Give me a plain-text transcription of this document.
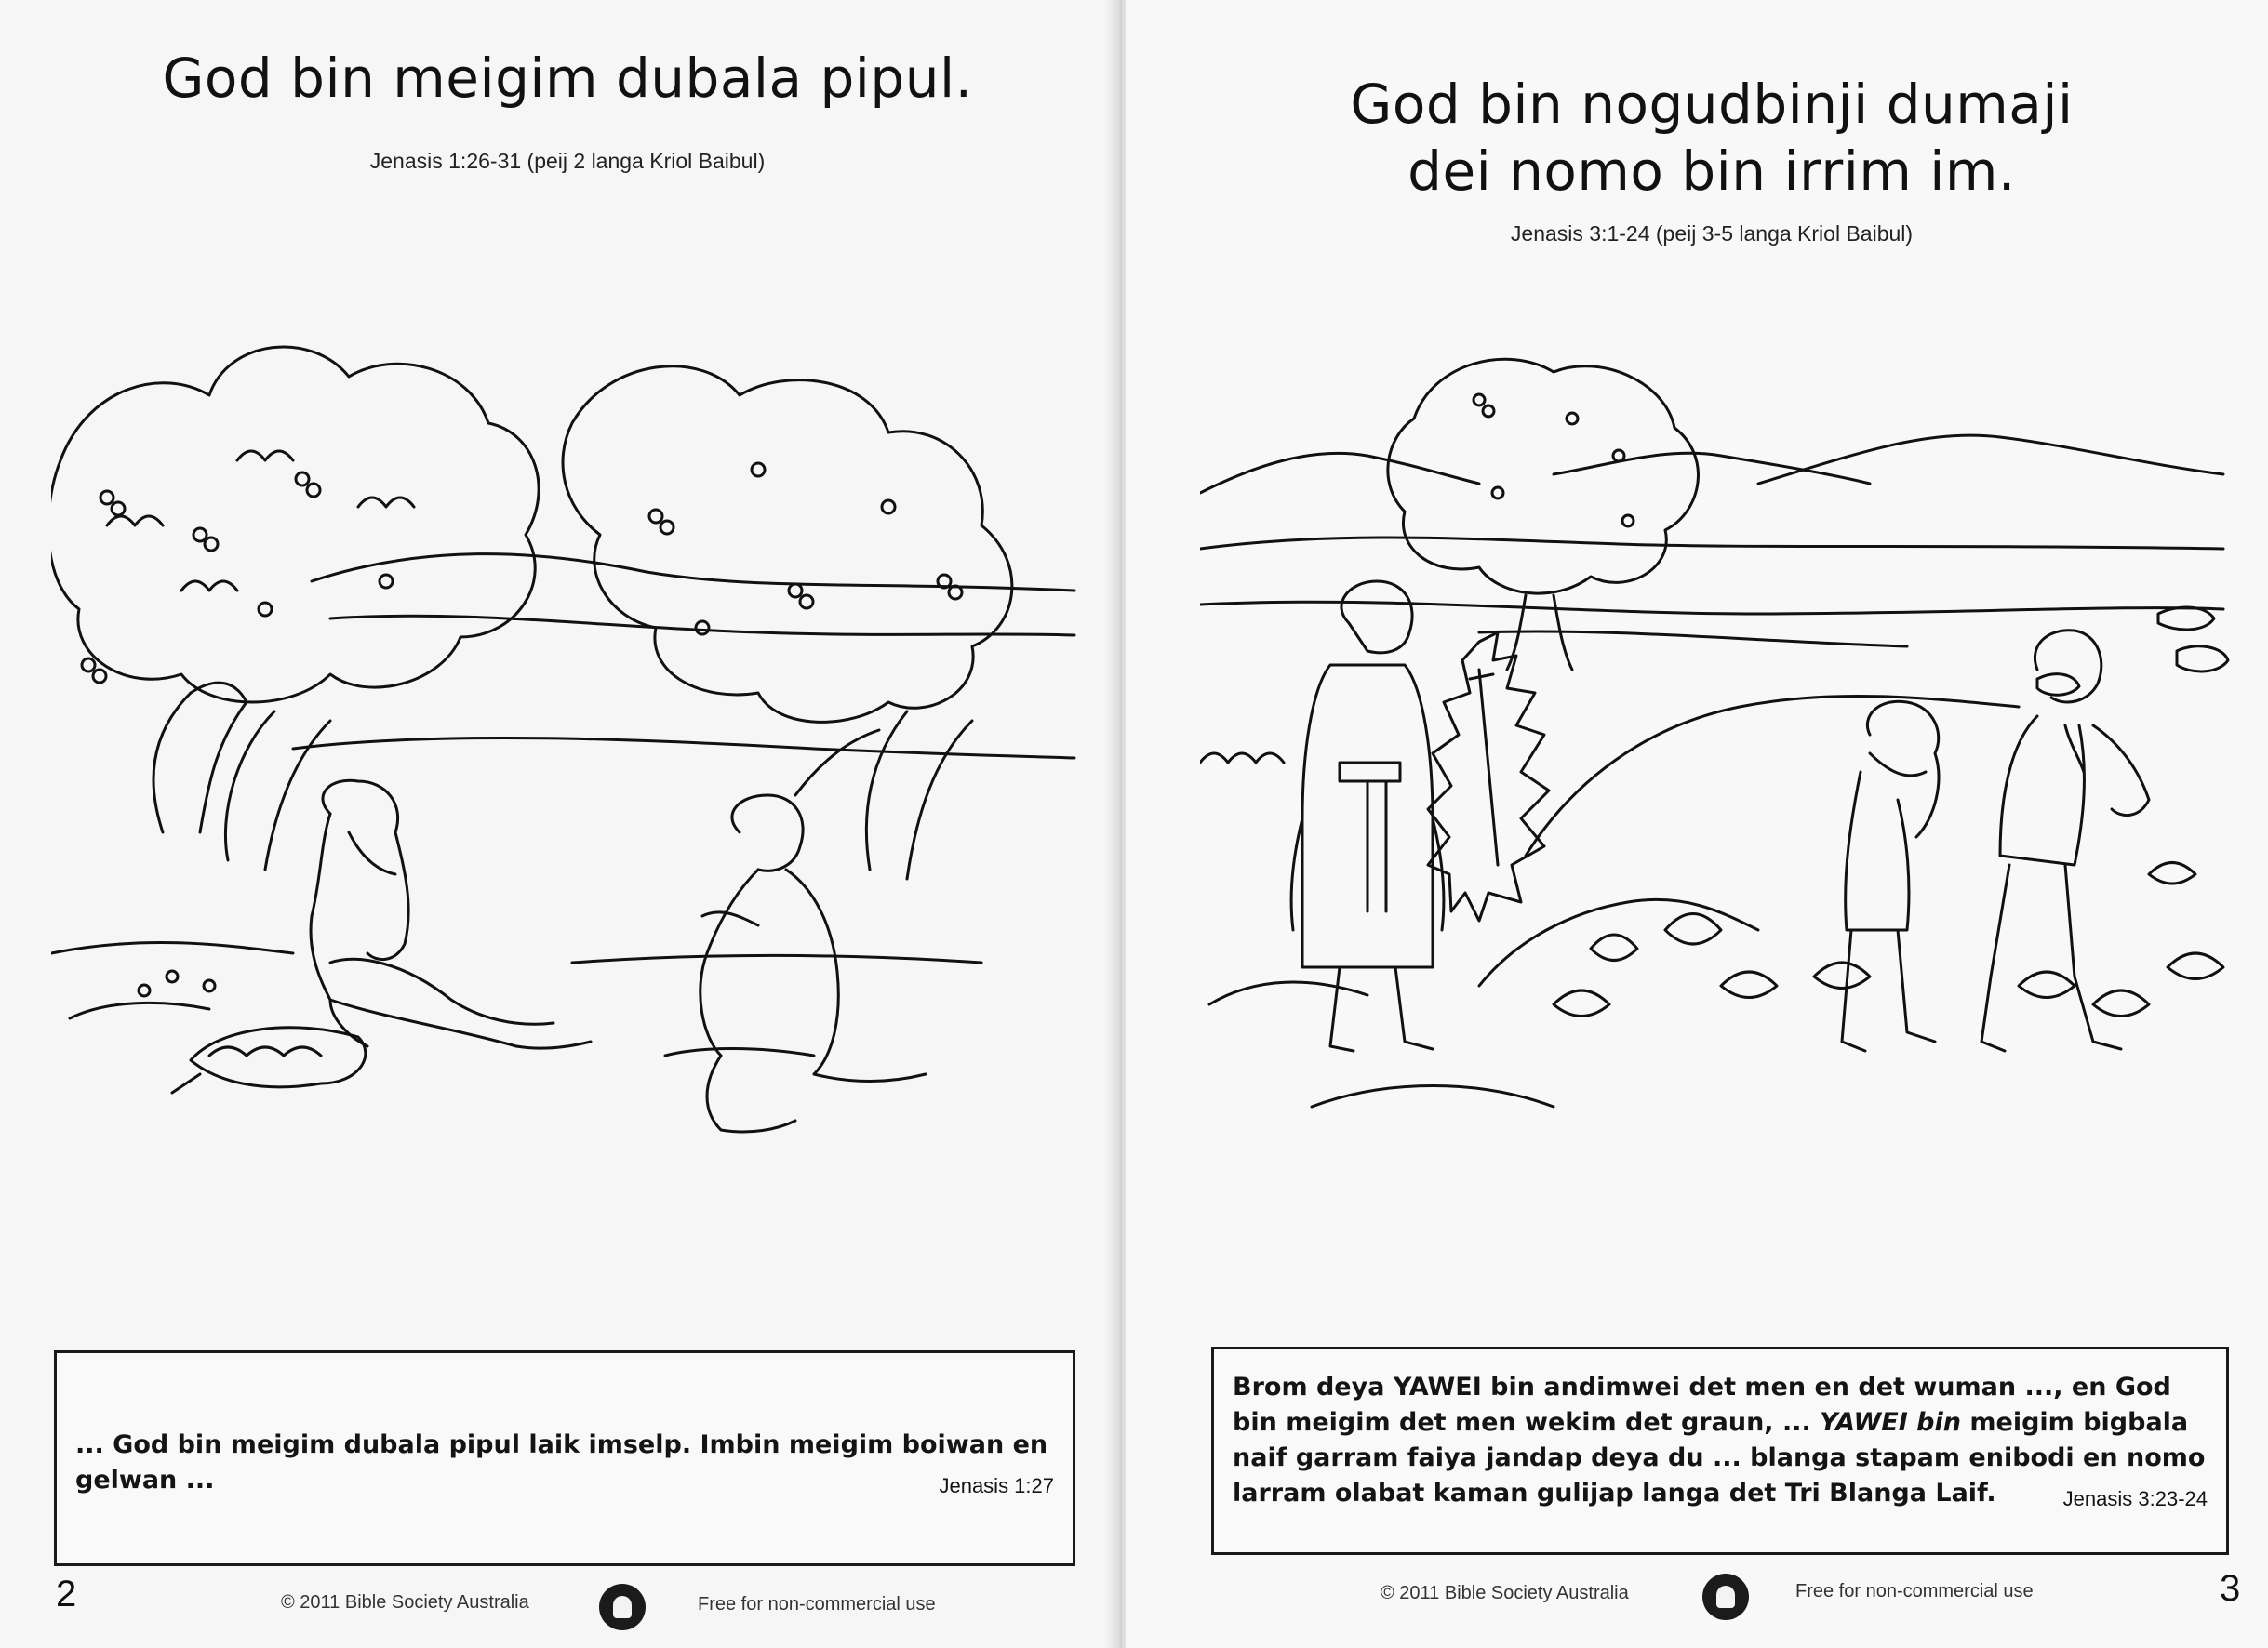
God bin meigim dubala pipul.
Jenasis 1:26-31 (peij 2 langa Kriol Baibul)
... God bin meigim dubala pipul laik imselp. Imbin meigim boiwan en gelwan ...	Jenasis 1:27
2	© 2011 Bible Society Australia	Free for non-commercial use
God bin nogudbinji dumaji
dei nomo bin irrim im.
Jenasis 3:1-24 (peij 3-5 langa Kriol Baibul)
Brom deya YAWEI bin andimwei det men en det wuman ..., en God bin meigim det men wekim det graun, ... YAWEI bin meigim bigbala naif garram faiya jandap deya du ... blanga stapam enibodi en nomo larram olabat kaman gulijap langa det Tri Blanga Laif.	Jenasis 3:23-24
© 2011 Bible Society Australia	Free for non-commercial use	3
